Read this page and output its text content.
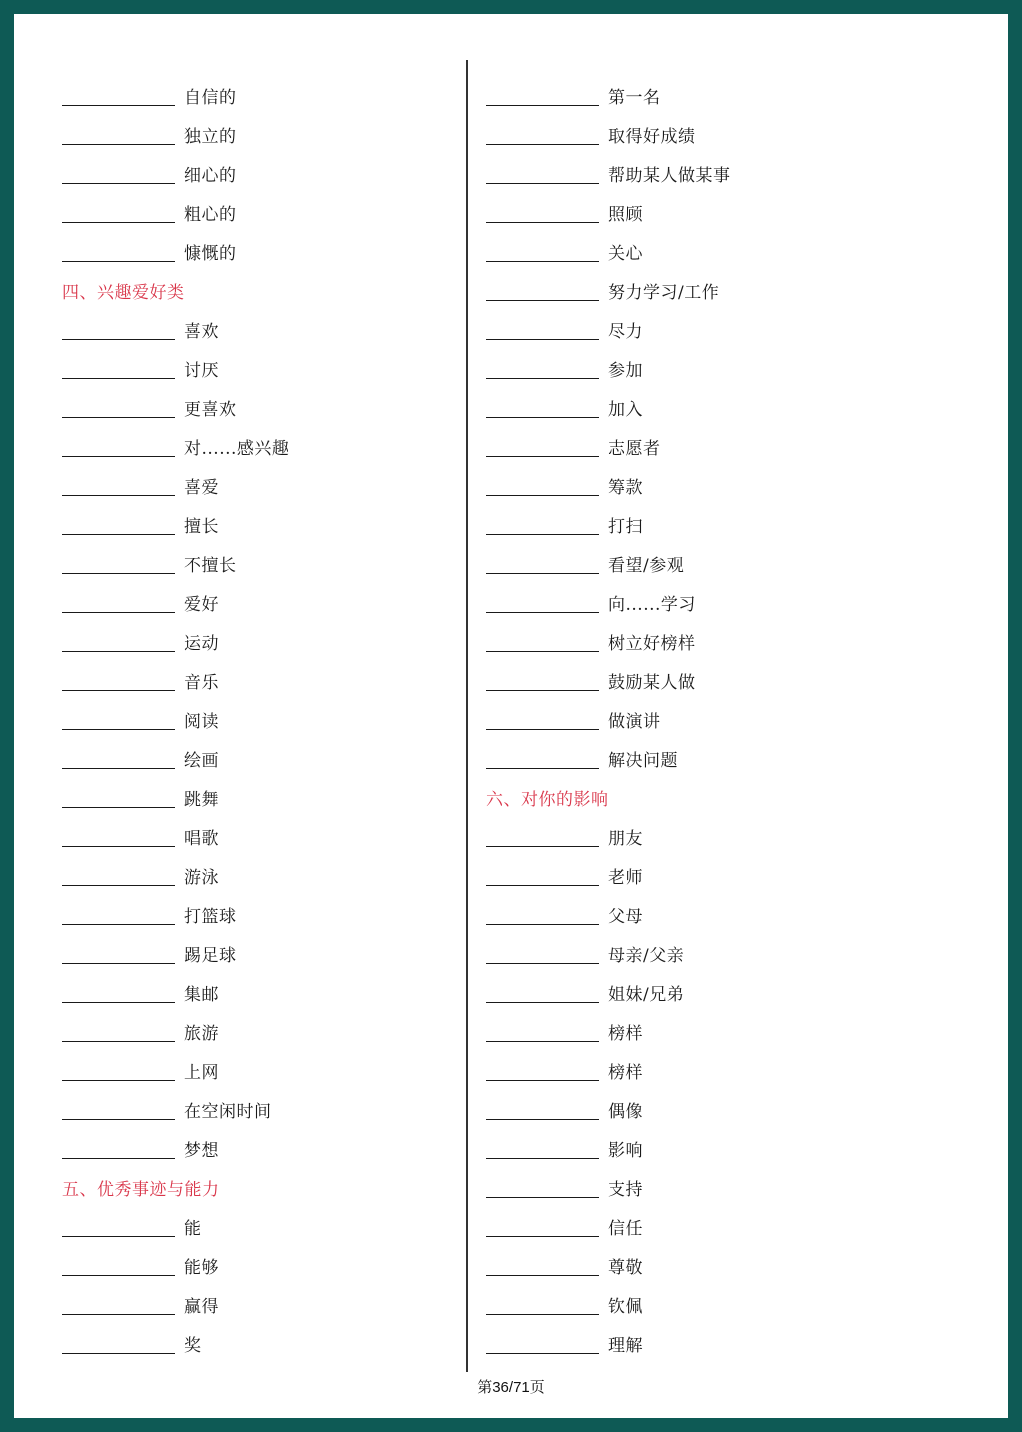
自信的
独立的
细心的
粗心的
慷慨的
四、兴趣爱好类
喜欢
讨厌
更喜欢
对......感兴趣
喜爱
擅长
不擅长
爱好
运动
音乐
阅读
绘画
跳舞
唱歌
游泳
打篮球
踢足球
集邮
旅游
上网
在空闲时间
梦想
五、优秀事迹与能力
能
能够
赢得
奖
第一名
取得好成绩
帮助某人做某事
照顾
关心
努力学习/工作
尽力
参加
加入
志愿者
筹款
打扫
看望/参观
向......学习
树立好榜样
鼓励某人做
做演讲
解决问题
六、对你的影响
朋友
老师
父母
母亲/父亲
姐妹/兄弟
榜样
榜样
偶像
影响
支持
信任
尊敬
钦佩
理解
第36/71页
